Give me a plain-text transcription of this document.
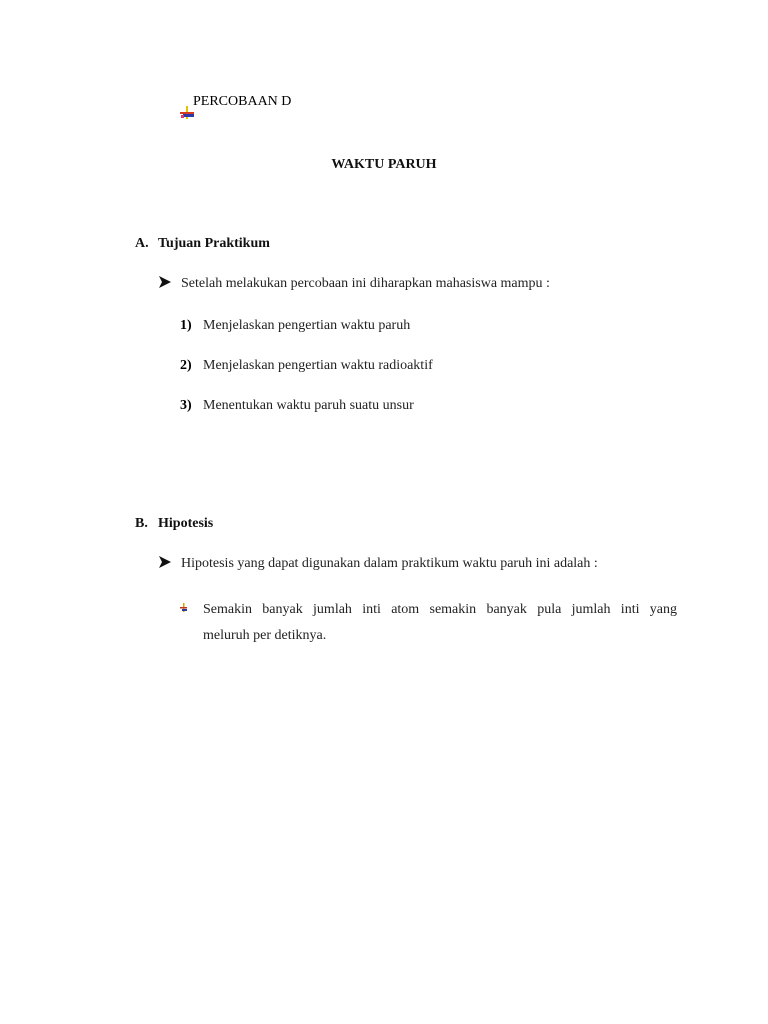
PERCOBAAN D
WAKTU PARUH
A. Tujuan Praktikum
Setelah melakukan percobaan ini diharapkan mahasiswa mampu :
1) Menjelaskan pengertian waktu paruh
2) Menjelaskan pengertian waktu radioaktif
3) Menentukan waktu paruh suatu unsur
B. Hipotesis
Hipotesis yang dapat digunakan dalam praktikum waktu paruh ini adalah :
Semakin banyak jumlah inti atom semakin banyak pula jumlah inti yang
meluruh per detiknya.
